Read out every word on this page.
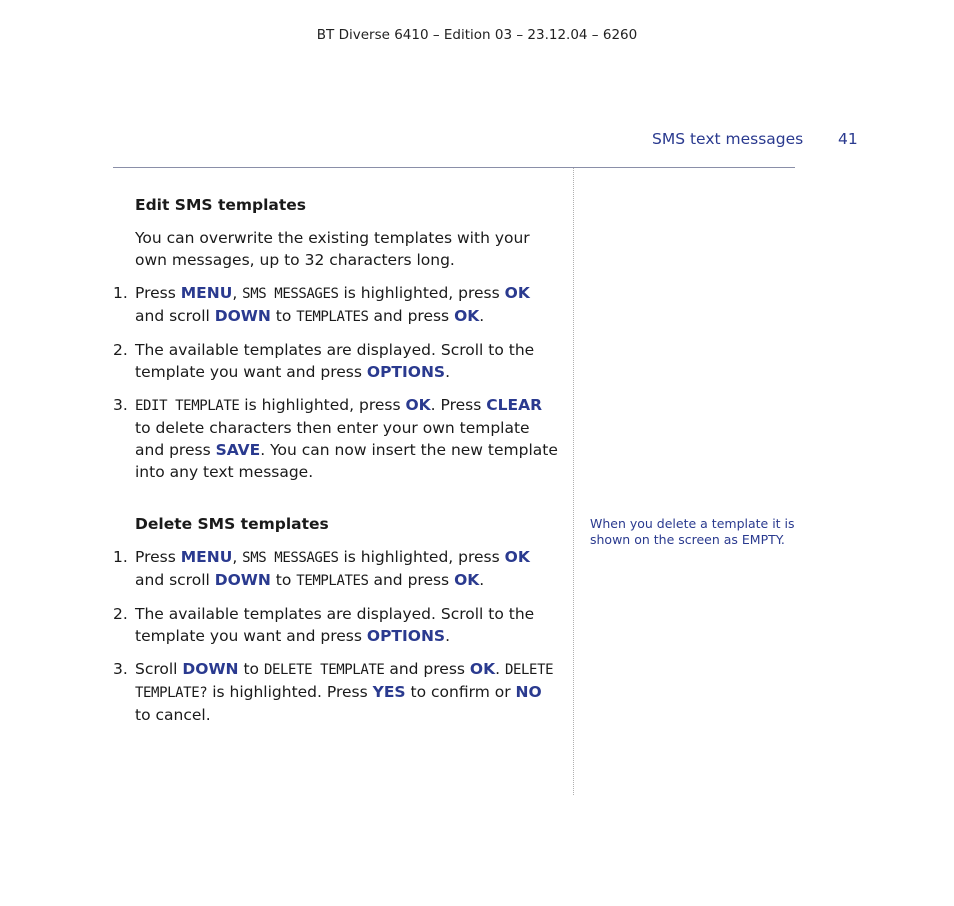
BT Diverse 6410 – Edition 03 – 23.12.04 – 6260
SMS text messages 41
Edit SMS templates

You can overwrite the existing templates with your own messages, up to 32 characters long.

1. Press MENU, SMS MESSAGES is highlighted, press OK and scroll DOWN to TEMPLATES and press OK.
2. The available templates are displayed. Scroll to the template you want and press OPTIONS.
3. EDIT TEMPLATE is highlighted, press OK. Press CLEAR to delete characters then enter your own template and press SAVE. You can now insert the new template into any text message.
Delete SMS templates
1. Press MENU, SMS MESSAGES is highlighted, press OK and scroll DOWN to TEMPLATES and press OK.
2. The available templates are displayed. Scroll to the template you want and press OPTIONS.
3. Scroll DOWN to DELETE TEMPLATE and press OK. DELETE TEMPLATE? is highlighted. Press YES to confirm or NO to cancel.
When you delete a template it is shown on the screen as EMPTY.
